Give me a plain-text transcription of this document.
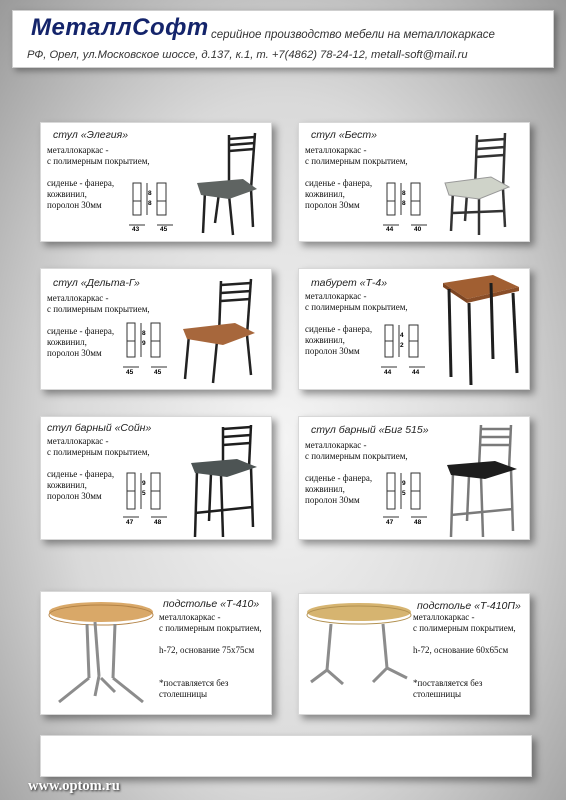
МеталлСофт серийное производство мебели на металлокаркасе
РФ, Орел, ул.Московское шоссе, д.137, к.1, т. +7(4862) 78-24-12, metall-soft@mail.ru
стул «Элегия»
металлокаркас -
с полимерным покрытием,
сиденье - фанера,
кожвинил,
поролон 30мм
8
8
43	45
стул «Бест»
металлокаркас -
с полимерным покрытием,
сиденье - фанера,
кожвинил,
поролон 30мм
8
8
44	40
стул «Дельта-Г»
металлокаркас -
с полимерным покрытием,
сиденье - фанера,
кожвинил,
поролон 30мм
8
9
45	45
табурет «Т-4»
металлокаркас -
с полимерным покрытием,
сиденье - фанера,
кожвинил,
поролон 30мм
4
2
44	44
стул барный «Сойн»
металлокаркас -
с полимерным покрытием,
сиденье - фанера,
кожвинил,
поролон 30мм
9
5
47	48
стул барный «Биг 515»
металлокаркас -
с полимерным покрытием,
сиденье - фанера,
кожвинил,
поролон 30мм
9
5
47	48
подстолье «Т-410»
металлокаркас -
с полимерным покрытием,
h-72, основание 75х75см
*поставляется без
столешницы
подстолье «Т-410П»
металлокаркас -
с полимерным покрытием,
h-72, основание 60х65см
*поставляется без
столешницы
www.optom.ru
